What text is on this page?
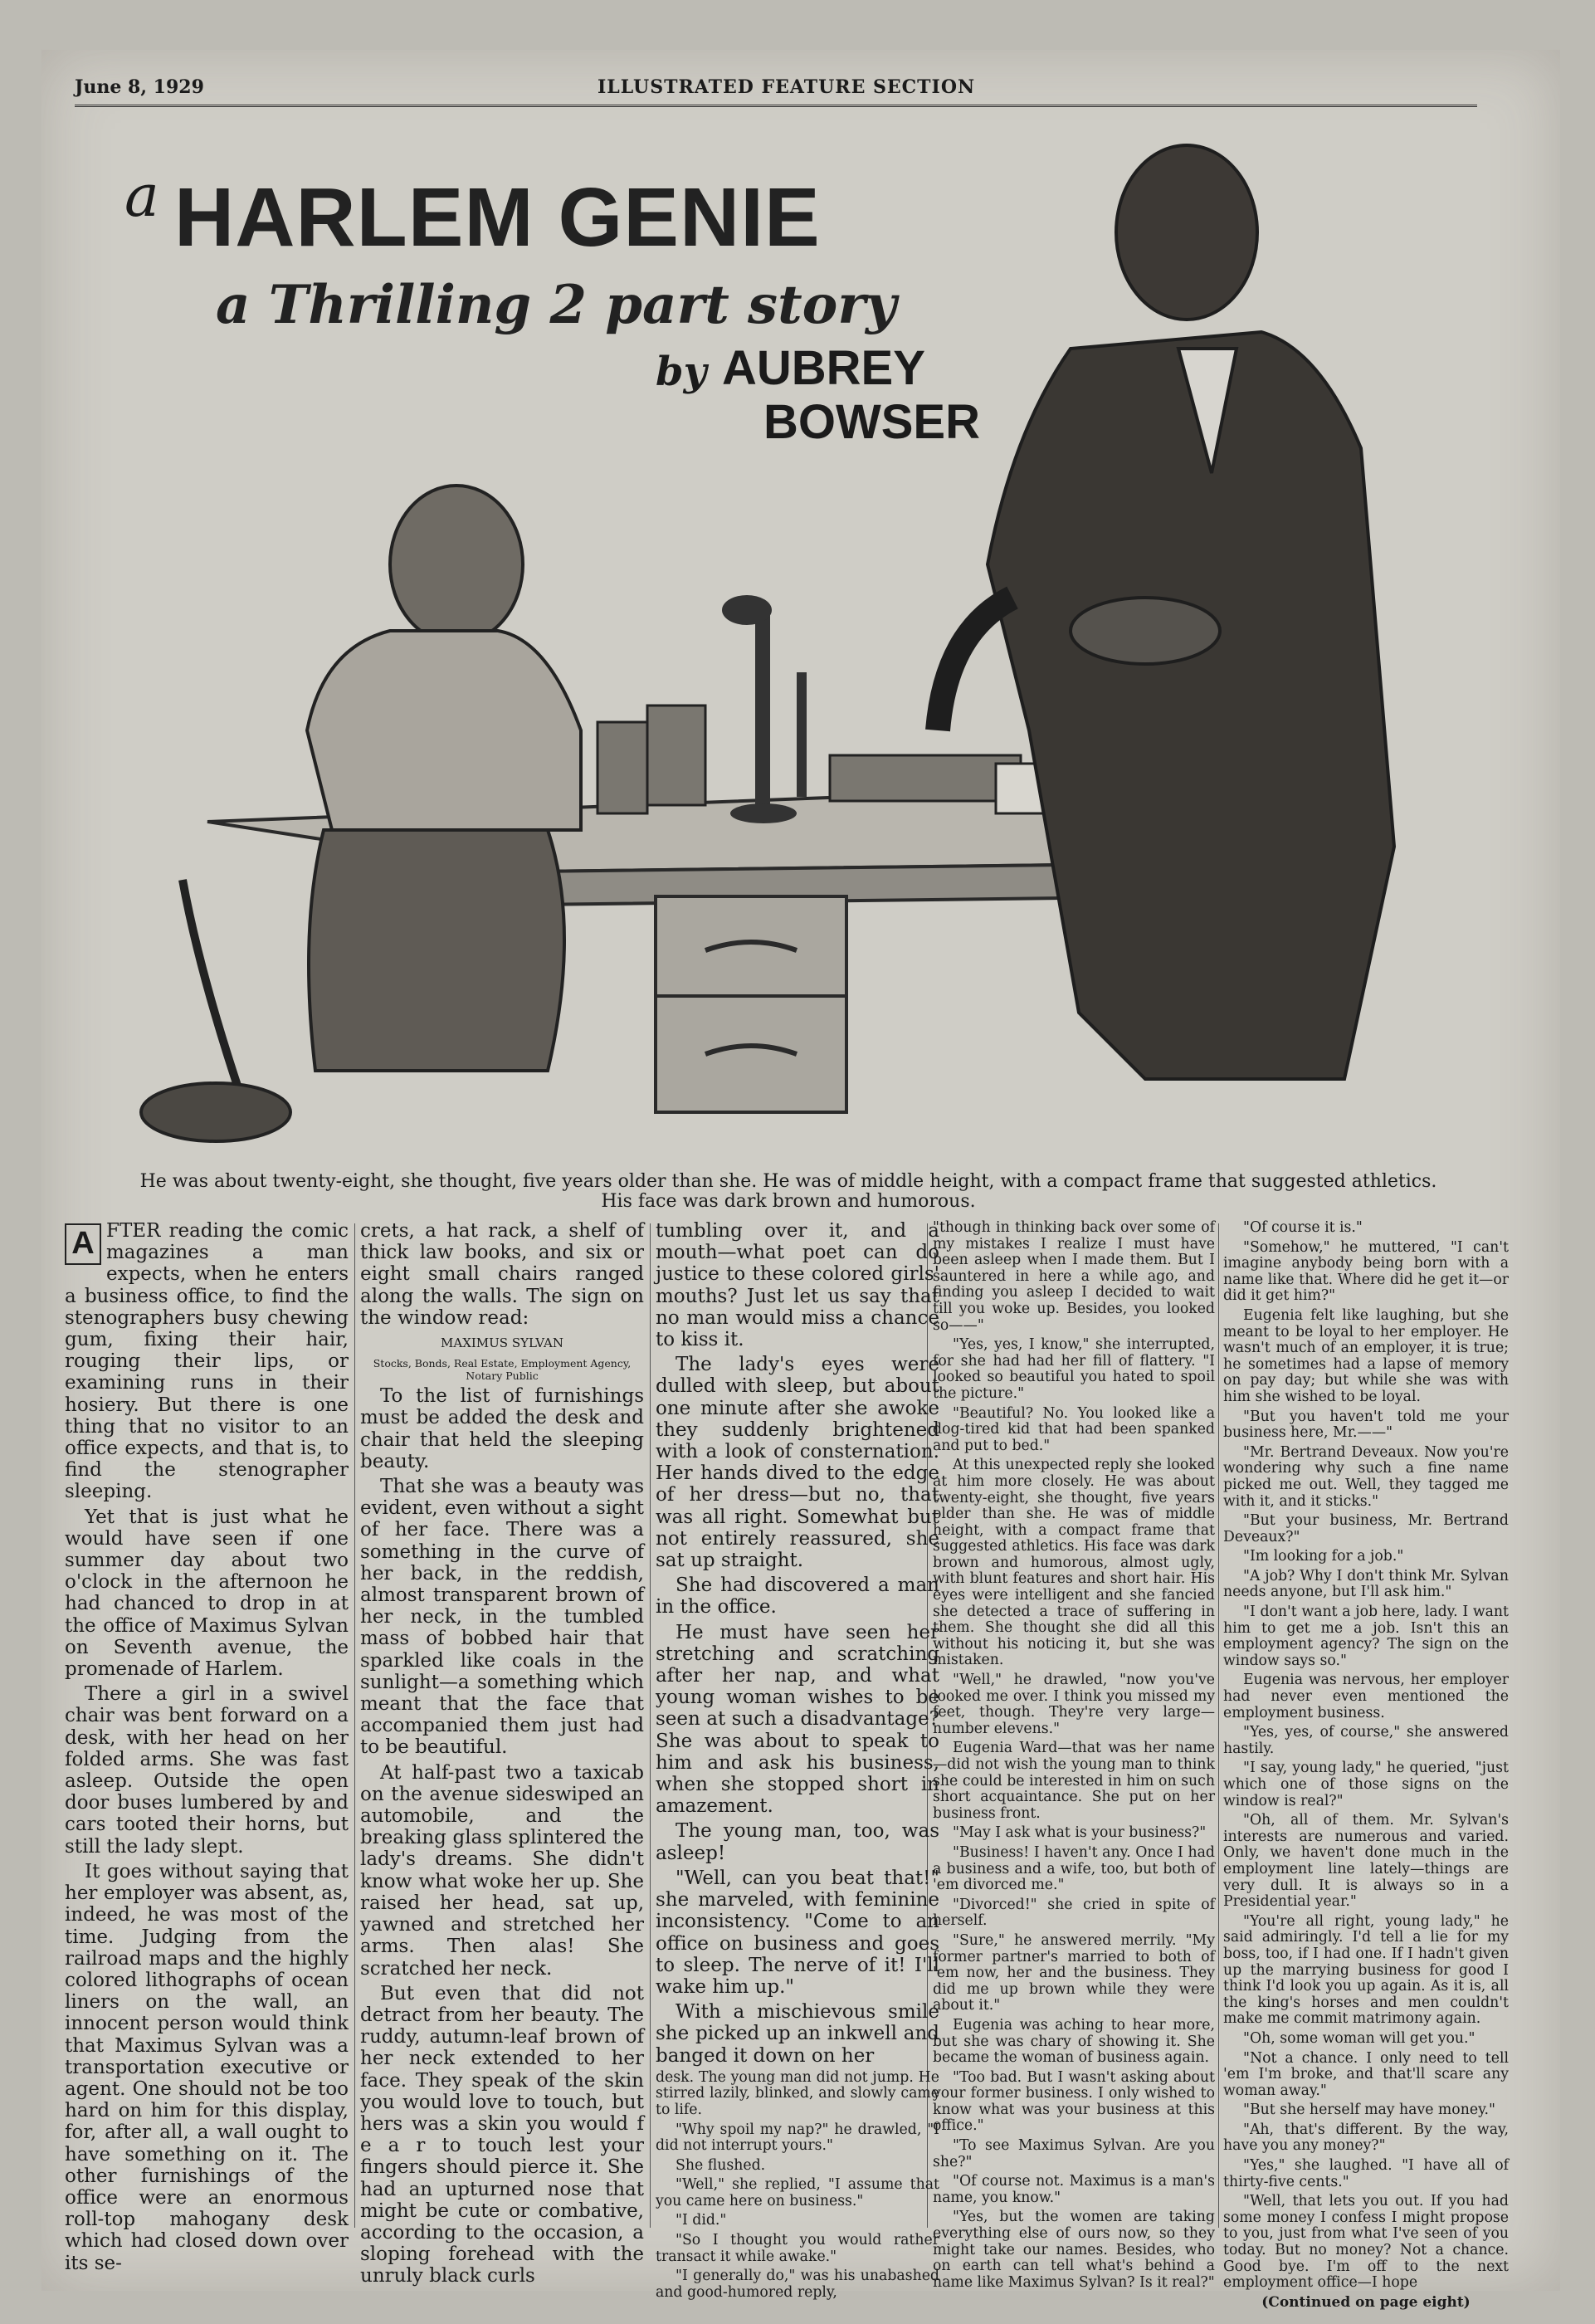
June 8, 1929	ILLUSTRATED FEATURE SECTION
a HARLEM GENIE
a Thrilling 2 part story
by AUBREY
BOWSER
He was about twenty-eight, she thought, five years older than she. He was of middle height, with a compact frame that suggested athletics.
His face was dark brown and humorous.

A FTER reading the comic magazines a man expects, when he enters a business office, to find the stenographers busy chewing gum, fixing their hair, rouging their lips, or examining runs in their hosiery. But there is one thing that no visitor to an office expects, and that is, to find the stenographer sleeping.

Yet that is just what he would have seen if one summer day about two o'clock in the afternoon he had chanced to drop in at the office of Maximus Sylvan on Seventh avenue, the promenade of Harlem.

There a girl in a swivel chair was bent forward on a desk, with her head on her folded arms. She was fast asleep. Outside the open door buses lumbered by and cars tooted their horns, but still the lady slept.

It goes without saying that her employer was absent, as, indeed, he was most of the time. Judging from the railroad maps and the highly colored lithographs of ocean liners on the wall, an innocent person would think that Maximus Sylvan was a transportation executive or agent. One should not be too hard on him for this display, for, after all, a wall ought to have something on it. The other furnishings of the office were an enormous roll-top mahogany desk which had closed down over its se-

crets, a hat rack, a shelf of thick law books, and six or eight small chairs ranged along the walls. The sign on the window read:

MAXIMUS SYLVAN

Stocks, Bonds, Real Estate, Employment Agency, Notary Public

To the list of furnishings must be added the desk and chair that held the sleeping beauty.

That she was a beauty was evident, even without a sight of her face. There was a something in the curve of her back, in the reddish, almost transparent brown of her neck, in the tumbled mass of bobbed hair that sparkled like coals in the sunlight—a something which meant that the face that accompanied them just had to be beautiful.

At half-past two a taxicab on the avenue sideswiped an automobile, and the breaking glass splintered the lady's dreams. She didn't know what woke her up. She raised her head, sat up, yawned and stretched her arms. Then alas! She scratched her neck.

But even that did not detract from her beauty. The ruddy, autumn-leaf brown of her neck extended to her face. They speak of the skin you would love to touch, but hers was a skin you would f e a r to touch lest your fingers should pierce it. She had an upturned nose that might be cute or combative, according to the occasion, a sloping forehead with the unruly black curls

tumbling over it, and a mouth—what poet can do justice to these colored girls' mouths? Just let us say that no man would miss a chance to kiss it.

The lady's eyes were dulled with sleep, but about one minute after she awoke they suddenly brightened with a look of consternation. Her hands dived to the edge of her dress—but no, that was all right. Somewhat but not entirely reassured, she sat up straight.

She had discovered a man in the office.

He must have seen her stretching and scratching after her nap, and what young woman wishes to be seen at such a disadvantage? She was about to speak to him and ask his business, when she stopped short in amazement.

The young man, too, was asleep!

"Well, can you beat that!" she marveled, with feminine inconsistency. "Come to an office on business and goes to sleep. The nerve of it! I'll wake him up."

With a mischievous smile she picked up an inkwell and banged it down on her

desk. The young man did not jump. He stirred lazily, blinked, and slowly came to life.

"Why spoil my nap?" he drawled, "I did not interrupt yours."

She flushed.

"Well," she replied, "I assume that you came here on business."

"I did."

"So I thought you would rather transact it while awake."

"I generally do," was his unabashed and good-humored reply,

"though in thinking back over some of my mistakes I realize I must have been asleep when I made them. But I sauntered in here a while ago, and finding you asleep I decided to wait till you woke up. Besides, you looked so——"

"Yes, yes, I know," she interrupted, for she had had her fill of flattery. "I looked so beautiful you hated to spoil the picture."

"Beautiful? No. You looked like a dog-tired kid that had been spanked and put to bed."

At this unexpected reply she looked at him more closely. He was about twenty-eight, she thought, five years older than she. He was of middle height, with a compact frame that suggested athletics. His face was dark brown and humorous, almost ugly, with blunt features and short hair. His eyes were intelligent and she fancied she detected a trace of suffering in them. She thought she did all this without his noticing it, but she was mistaken.

"Well," he drawled, "now you've looked me over. I think you missed my feet, though. They're very large—number elevens."

Eugenia Ward—that was her name—did not wish the young man to think she could be interested in him on such short acquaintance. She put on her business front.

"May I ask what is your business?"

"Business! I haven't any. Once I had a business and a wife, too, but both of 'em divorced me."

"Divorced!" she cried in spite of herself.

"Sure," he answered merrily. "My former partner's married to both of 'em now, her and the business. They did me up brown while they were about it."

Eugenia was aching to hear more, but she was chary of showing it. She became the woman of business again.

"Too bad. But I wasn't asking about your former business. I only wished to know what was your business at this office."

"To see Maximus Sylvan. Are you she?"

"Of course not. Maximus is a man's name, you know."

"Yes, but the women are taking everything else of ours now, so they might take our names. Besides, who on earth can tell what's behind a name like Maximus Sylvan? Is it real?"

"Of course it is."

"Somehow," he muttered, "I can't imagine anybody being born with a name like that. Where did he get it—or did it get him?"

Eugenia felt like laughing, but she meant to be loyal to her employer. He wasn't much of an employer, it is true; he sometimes had a lapse of memory on pay day; but while she was with him she wished to be loyal.

"But you haven't told me your business here, Mr.——"

"Mr. Bertrand Deveaux. Now you're wondering why such a fine name picked me out. Well, they tagged me with it, and it sticks."

"But your business, Mr. Bertrand Deveaux?"

"Im looking for a job."

"A job? Why I don't think Mr. Sylvan needs anyone, but I'll ask him."

"I don't want a job here, lady. I want him to get me a job. Isn't this an employment agency? The sign on the window says so."

Eugenia was nervous, her employer had never even mentioned the employment business.

"Yes, yes, of course," she answered hastily.

"I say, young lady," he queried, "just which one of those signs on the window is real?"

"Oh, all of them. Mr. Sylvan's interests are numerous and varied. Only, we haven't done much in the employment line lately—things are very dull. It is always so in a Presidential year."

"You're all right, young lady," he said admiringly. I'd tell a lie for my boss, too, if I had one. If I hadn't given up the marrying business for good I think I'd look you up again. As it is, all the king's horses and men couldn't make me commit matrimony again.

"Oh, some woman will get you."

"Not a chance. I only need to tell 'em I'm broke, and that'll scare any woman away."

"But she herself may have money."

"Ah, that's different. By the way, have you any money?"

"Yes," she laughed. "I have all of thirty-five cents."

"Well, that lets you out. If you had some money I confess I might propose to you, just from what I've seen of you today. But no money? Not a chance. Good bye. I'm off to the next employment office—I hope

(Continued on page eight)
